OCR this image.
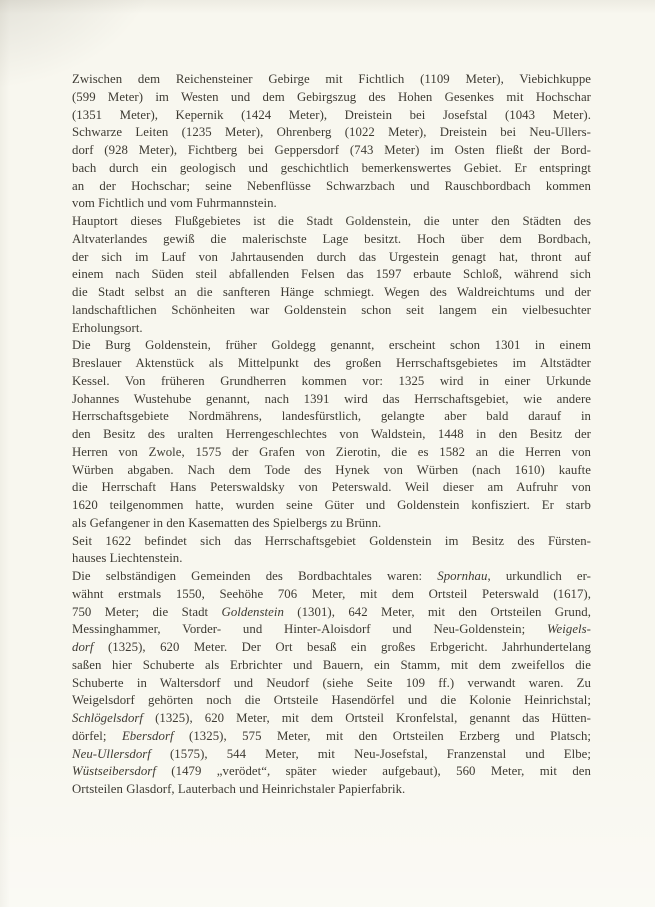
Zwischen dem Reichensteiner Gebirge mit Fichtlich (1109 Meter), Viebichkuppe
(599 Meter) im Westen und dem Gebirgszug des Hohen Gesenkes mit Hochschar
(1351 Meter), Kepernik (1424 Meter), Dreistein bei Josefstal (1043 Meter).
Schwarze Leiten (1235 Meter), Ohrenberg (1022 Meter), Dreistein bei Neu-Ullers-
dorf (928 Meter), Fichtberg bei Geppersdorf (743 Meter) im Osten fließt der Bord-
bach durch ein geologisch und geschichtlich bemerkenswertes Gebiet. Er entspringt
an der Hochschar; seine Nebenflüsse Schwarzbach und Rauschbordbach kommen
vom Fichtlich und vom Fuhrmannstein.
Hauptort dieses Flußgebietes ist die Stadt Goldenstein, die unter den Städten des
Altvaterlandes gewiß die malerischste Lage besitzt. Hoch über dem Bordbach,
der sich im Lauf von Jahrtausenden durch das Urgestein genagt hat, thront auf
einem nach Süden steil abfallenden Felsen das 1597 erbaute Schloß, während sich
die Stadt selbst an die sanfteren Hänge schmiegt. Wegen des Waldreichtums und der
landschaftlichen Schönheiten war Goldenstein schon seit langem ein vielbesuchter
Erholungsort.
Die Burg Goldenstein, früher Goldegg genannt, erscheint schon 1301 in einem
Breslauer Aktenstück als Mittelpunkt des großen Herrschaftsgebietes im Altstädter
Kessel. Von früheren Grundherren kommen vor: 1325 wird in einer Urkunde
Johannes Wustehube genannt, nach 1391 wird das Herrschaftsgebiet, wie andere
Herrschaftsgebiete Nordmährens, landesfürstlich, gelangte aber bald darauf in
den Besitz des uralten Herrengeschlechtes von Waldstein, 1448 in den Besitz der
Herren von Zwole, 1575 der Grafen von Zierotin, die es 1582 an die Herren von
Würben abgaben. Nach dem Tode des Hynek von Würben (nach 1610) kaufte
die Herrschaft Hans Peterswaldsky von Peterswald. Weil dieser am Aufruhr von
1620 teilgenommen hatte, wurden seine Güter und Goldenstein konfisziert. Er starb
als Gefangener in den Kasematten des Spielbergs zu Brünn.
Seit 1622 befindet sich das Herrschaftsgebiet Goldenstein im Besitz des Fürsten-
hauses Liechtenstein.
Die selbständigen Gemeinden des Bordbachtales waren: Spornhau, urkundlich er-
wähnt erstmals 1550, Seehöhe 706 Meter, mit dem Ortsteil Peterswald (1617),
750 Meter; die Stadt Goldenstein (1301), 642 Meter, mit den Ortsteilen Grund,
Messinghammer, Vorder- und Hinter-Aloisdorf und Neu-Goldenstein; Weigels-
dorf (1325), 620 Meter. Der Ort besaß ein großes Erbgericht. Jahrhundertelang
saßen hier Schuberte als Erbrichter und Bauern, ein Stamm, mit dem zweifellos die
Schuberte in Waltersdorf und Neudorf (siehe Seite 109 ff.) verwandt waren. Zu
Weigelsdorf gehörten noch die Ortsteile Hasendörfel und die Kolonie Heinrichstal;
Schlögelsdorf (1325), 620 Meter, mit dem Ortsteil Kronfelstal, genannt das Hütten-
dörfel; Ebersdorf (1325), 575 Meter, mit den Ortsteilen Erzberg und Platsch;
Neu-Ullersdorf (1575), 544 Meter, mit Neu-Josefstal, Franzenstal und Elbe;
Wüstseibersdorf (1479 „verödet“, später wieder aufgebaut), 560 Meter, mit den
Ortsteilen Glasdorf, Lauterbach und Heinrichstaler Papierfabrik.
